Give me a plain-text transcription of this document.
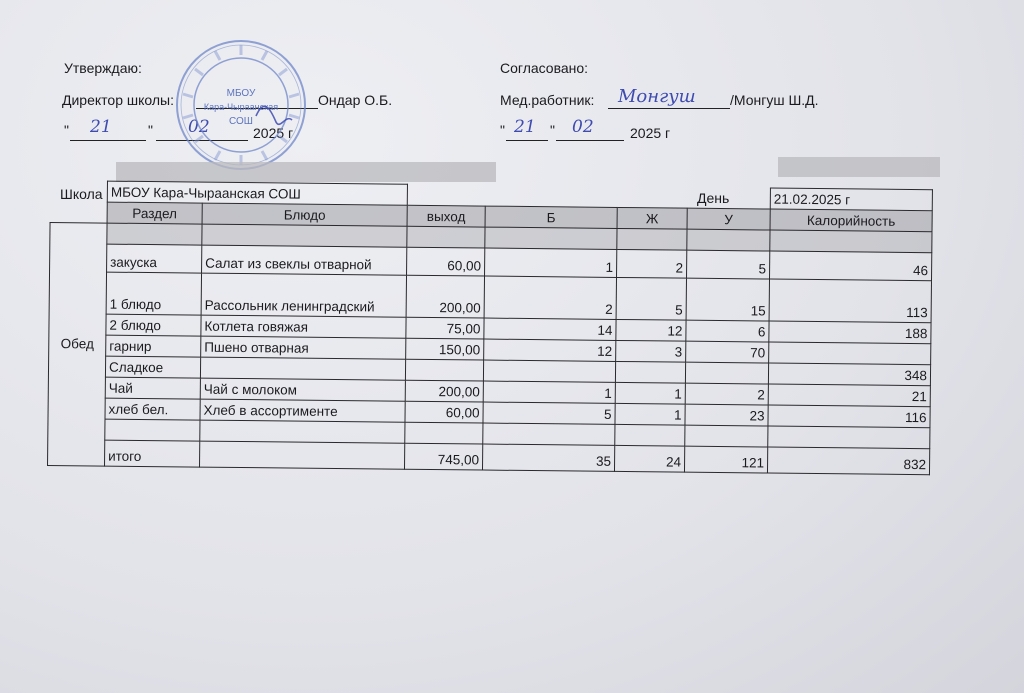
Утверждаю:
Директор школы:	Ондар О.Б.
" 21	" 02	2025 г
МБОУ
Кара-Чыраанская
СОШ
Согласовано:
Мед.работник: Монгуш /Монгуш Ш.Д.
" 21 " 02	2025 г
Школа	День
	МБОУ Кара-Чыраанская СОШ						21.02.2025 г
	Раздел	Блюдо	выход	Б	Ж	У	Калорийность
Обед							
	закуска	Салат из свеклы отварной	60,00	1	2	5	46
	1 блюдо	Рассольник ленинградский	200,00	2	5	15	113
	2 блюдо	Котлета говяжая	75,00	14	12	6	188
	гарнир	Пшено отварная	150,00	12	3	70	
	Сладкое						348
	Чай	Чай с молоком	200,00	1	1	2	21
	хлеб бел.	Хлеб в ассортименте	60,00	5	1	23	116

	итого		745,00	35	24	121	832
